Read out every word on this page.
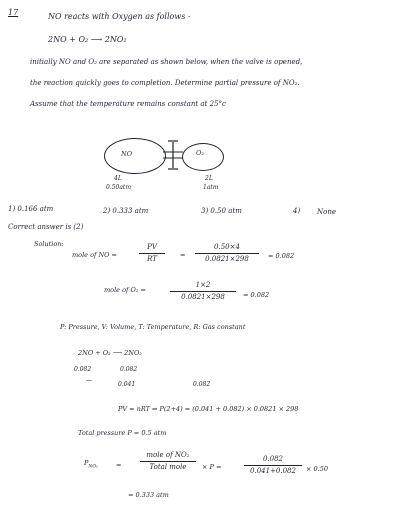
17	NO reacts with Oxygen as follows -
2NO + O₂ ⟶ 2NO₂
initially NO and O₂ are separated as shown below, when the valve is opened,
the reaction quickly goes to completion. Determine partial pressure of NO₂.
Assume that the temperature remains constant at 25°c
NO	O₂
4L
0.50atm
2L
1atm
1) 0.166 atm	2) 0.333 atm	3) 0.50 atm	4) None
Correct answer is (2)
Solution:
mole of NO =	$\frac{PV}{RT} = \frac{0.50\times 4}{0.0821\times 298} = 0.082$
mole of O₂ =	$\frac{1\times 2}{0.0821\times 298} = 0.082$
P: Pressure, V: Volume, T: Temperature, R: Gas constant
2NO + O₂ ⟶ 2NO₂
0.082	0.082
—
0.041	0.082
PV = nRT ⇒ P(2+4) = (0.041 + 0.082) × 0.0821 × 298
Total pressure P = 0.5 atm
$P_{NO_2}$	=
mole of NO₂
Total mole	× P =	$\frac{0.082}{0.041+0.082} \times 0.50$
= 0.333 atm
